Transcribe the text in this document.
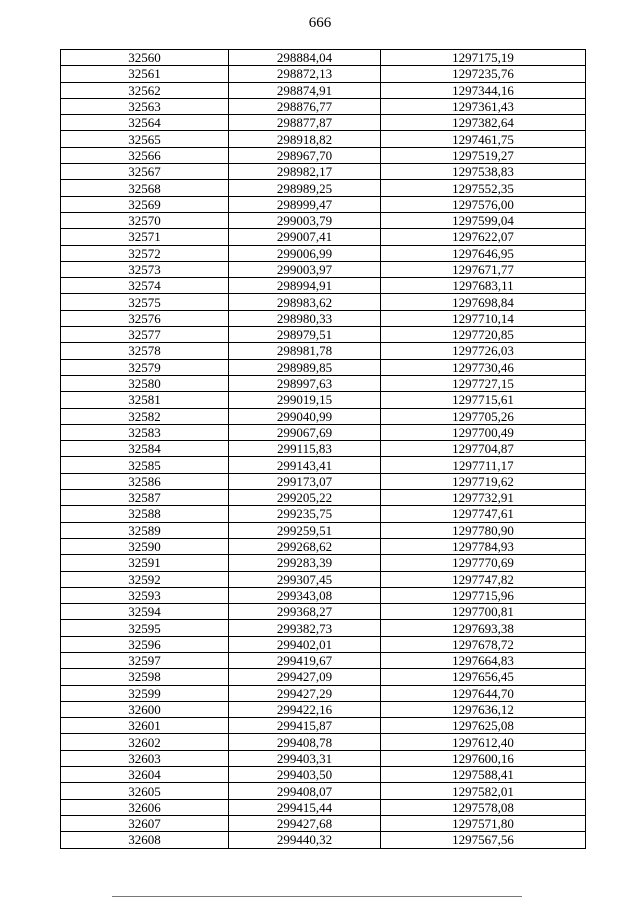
666
32560	298884,04	1297175,19
32561	298872,13	1297235,76
32562	298874,91	1297344,16
32563	298876,77	1297361,43
32564	298877,87	1297382,64
32565	298918,82	1297461,75
32566	298967,70	1297519,27
32567	298982,17	1297538,83
32568	298989,25	1297552,35
32569	298999,47	1297576,00
32570	299003,79	1297599,04
32571	299007,41	1297622,07
32572	299006,99	1297646,95
32573	299003,97	1297671,77
32574	298994,91	1297683,11
32575	298983,62	1297698,84
32576	298980,33	1297710,14
32577	298979,51	1297720,85
32578	298981,78	1297726,03
32579	298989,85	1297730,46
32580	298997,63	1297727,15
32581	299019,15	1297715,61
32582	299040,99	1297705,26
32583	299067,69	1297700,49
32584	299115,83	1297704,87
32585	299143,41	1297711,17
32586	299173,07	1297719,62
32587	299205,22	1297732,91
32588	299235,75	1297747,61
32589	299259,51	1297780,90
32590	299268,62	1297784,93
32591	299283,39	1297770,69
32592	299307,45	1297747,82
32593	299343,08	1297715,96
32594	299368,27	1297700,81
32595	299382,73	1297693,38
32596	299402,01	1297678,72
32597	299419,67	1297664,83
32598	299427,09	1297656,45
32599	299427,29	1297644,70
32600	299422,16	1297636,12
32601	299415,87	1297625,08
32602	299408,78	1297612,40
32603	299403,31	1297600,16
32604	299403,50	1297588,41
32605	299408,07	1297582,01
32606	299415,44	1297578,08
32607	299427,68	1297571,80
32608	299440,32	1297567,56
